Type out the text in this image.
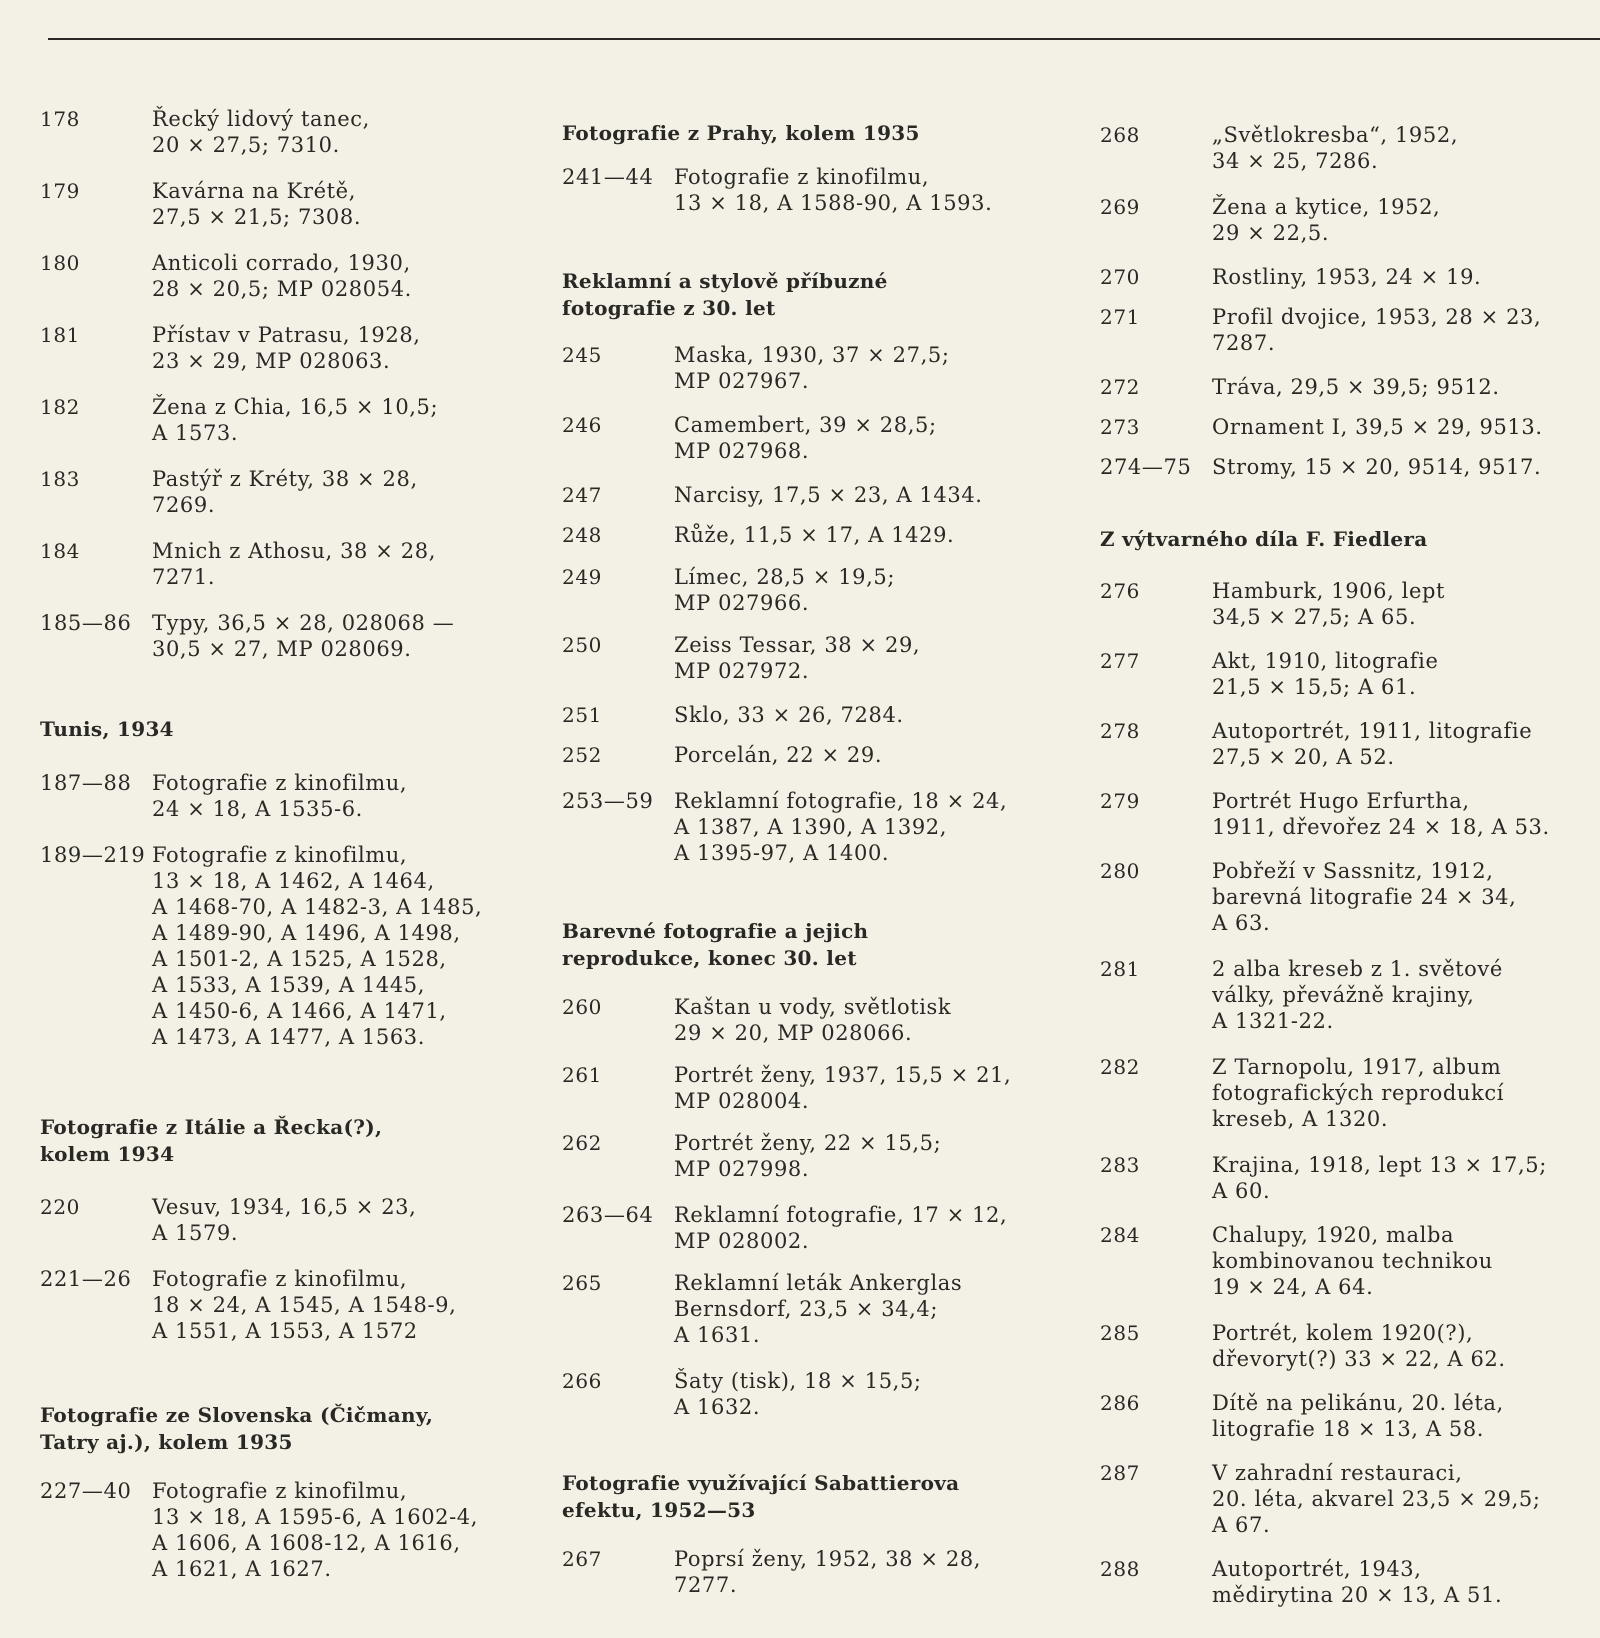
178	Řecký lidový tanec,
20 × 27,5; 7310.
179	Kavárna na Krétě,
27,5 × 21,5; 7308.
180	Anticoli corrado, 1930,
28 × 20,5; MP 028054.
181	Přístav v Patrasu, 1928,
23 × 29, MP 028063.
182	Žena z Chia, 16,5 × 10,5;
A 1573.
183	Pastýř z Kréty, 38 × 28,
7269.
184	Mnich z Athosu, 38 × 28,
7271.
185—86 Typy, 36,5 × 28, 028068 —
30,5 × 27, MP 028069.
Tunis, 1934
187—88 Fotografie z kinofilmu,
24 × 18, A 1535-6.
189—219 Fotografie z kinofilmu,
13 × 18, A 1462, A 1464,
A 1468-70, A 1482-3, A 1485,
A 1489-90, A 1496, A 1498,
A 1501-2, A 1525, A 1528,
A 1533, A 1539, A 1445,
A 1450-6, A 1466, A 1471,
A 1473, A 1477, A 1563.
Fotografie z Itálie a Řecka(?),
kolem 1934
220	Vesuv, 1934, 16,5 × 23,
A 1579.
221—26 Fotografie z kinofilmu,
18 × 24, A 1545, A 1548-9,
A 1551, A 1553, A 1572
Fotografie ze Slovenska (Čičmany,
Tatry aj.), kolem 1935
227—40 Fotografie z kinofilmu,
13 × 18, A 1595-6, A 1602-4,
A 1606, A 1608-12, A 1616,
A 1621, A 1627.
Fotografie z Prahy, kolem 1935
241—44 Fotografie z kinofilmu,
13 × 18, A 1588-90, A 1593.
Reklamní a stylově příbuzné
fotografie z 30. let
245	Maska, 1930, 37 × 27,5;
MP 027967.
246	Camembert, 39 × 28,5;
MP 027968.
247	Narcisy, 17,5 × 23, A 1434.
248	Růže, 11,5 × 17, A 1429.
249	Límec, 28,5 × 19,5;
MP 027966.
250	Zeiss Tessar, 38 × 29,
MP 027972.
251	Sklo, 33 × 26, 7284.
252	Porcelán, 22 × 29.
253—59 Reklamní fotografie, 18 × 24,
A 1387, A 1390, A 1392,
A 1395-97, A 1400.
Barevné fotografie a jejich
reprodukce, konec 30. let
260	Kaštan u vody, světlotisk
29 × 20, MP 028066.
261	Portrét ženy, 1937, 15,5 × 21,
MP 028004.
262	Portrét ženy, 22 × 15,5;
MP 027998.
263—64 Reklamní fotografie, 17 × 12,
MP 028002.
265	Reklamní leták Ankerglas
Bernsdorf, 23,5 × 34,4;
A 1631.
266	Šaty (tisk), 18 × 15,5;
A 1632.
Fotografie využívající Sabattierova
efektu, 1952—53
267	Poprsí ženy, 1952, 38 × 28,
7277.
268	„Světlokresba“, 1952,
34 × 25, 7286.
269	Žena a kytice, 1952,
29 × 22,5.
270	Rostliny, 1953, 24 × 19.
271	Profil dvojice, 1953, 28 × 23,
7287.
272	Tráva, 29,5 × 39,5; 9512.
273	Ornament I, 39,5 × 29, 9513.
274—75 Stromy, 15 × 20, 9514, 9517.
Z výtvarného díla F. Fiedlera
276	Hamburk, 1906, lept
34,5 × 27,5; A 65.
277	Akt, 1910, litografie
21,5 × 15,5; A 61.
278	Autoportrét, 1911, litografie
27,5 × 20, A 52.
279	Portrét Hugo Erfurtha,
1911, dřevořez 24 × 18, A 53.
280	Pobřeží v Sassnitz, 1912,
barevná litografie 24 × 34,
A 63.
281	2 alba kreseb z 1. světové
války, převážně krajiny,
A 1321-22.
282	Z Tarnopolu, 1917, album
fotografických reprodukcí
kreseb, A 1320.
283	Krajina, 1918, lept 13 × 17,5;
A 60.
284	Chalupy, 1920, malba
kombinovanou technikou
19 × 24, A 64.
285	Portrét, kolem 1920(?),
dřevoryt(?) 33 × 22, A 62.
286	Dítě na pelikánu, 20. léta,
litografie 18 × 13, A 58.
287	V zahradní restauraci,
20. léta, akvarel 23,5 × 29,5;
A 67.
288	Autoportrét, 1943,
mědirytina 20 × 13, A 51.
